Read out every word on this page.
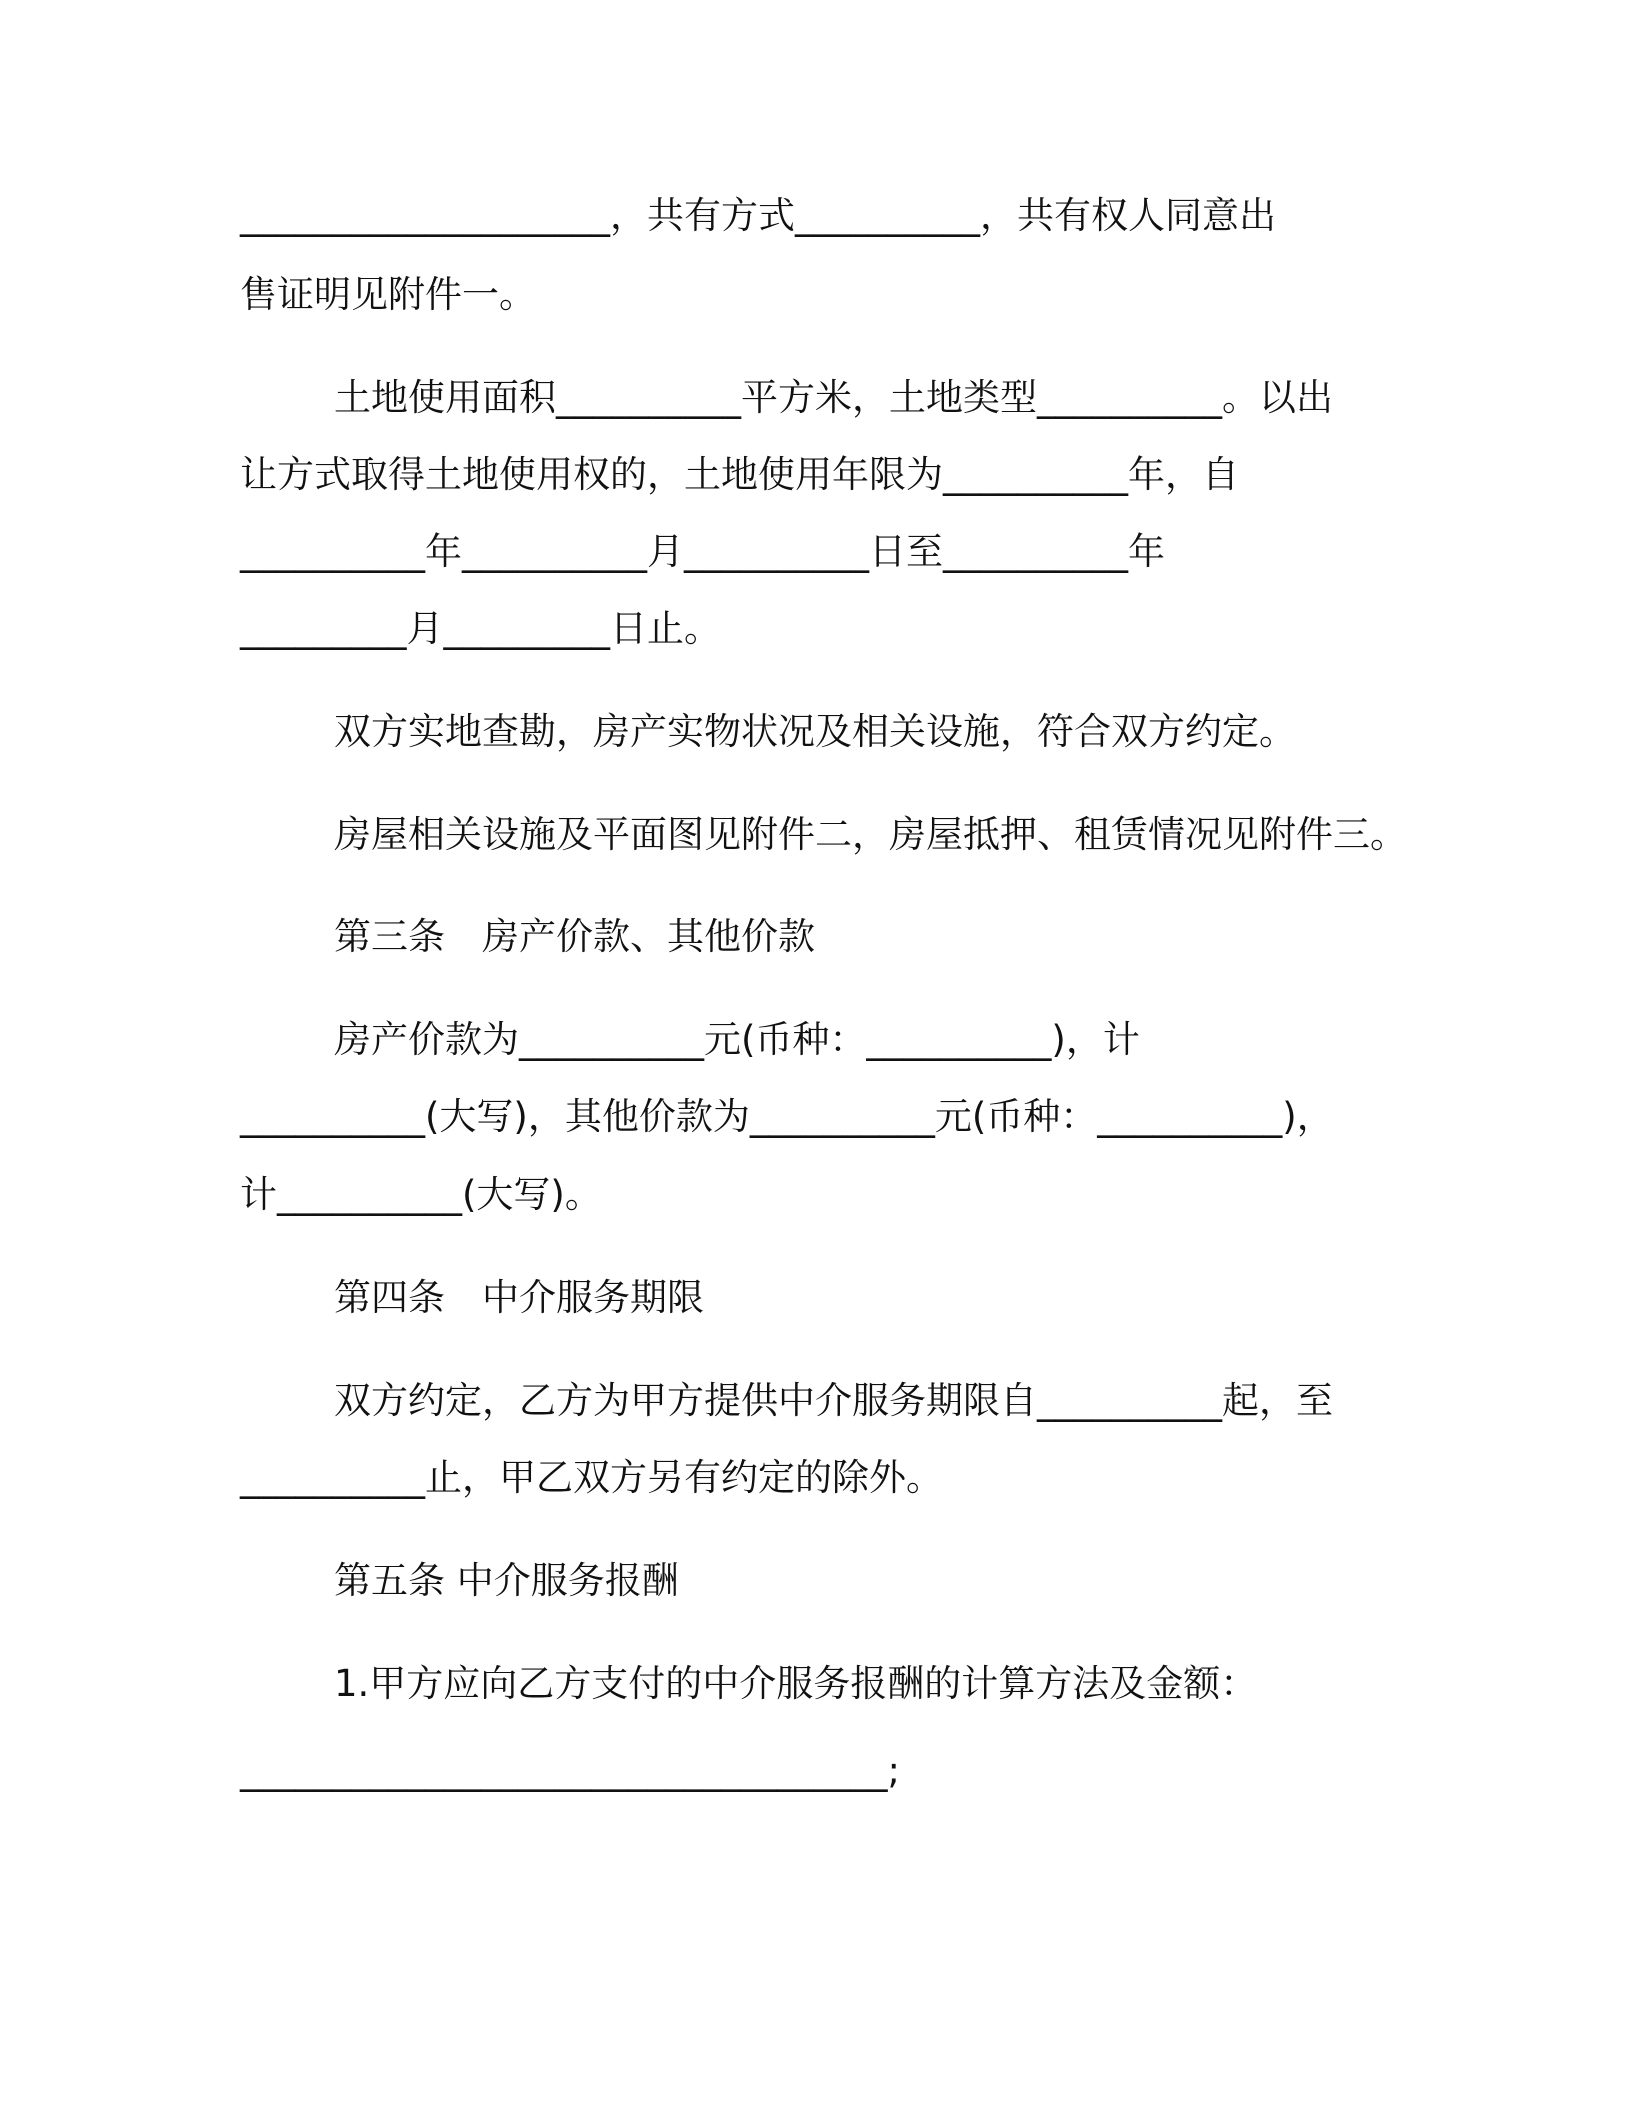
____________________，共有方式__________，共有权人同意出
售证明见附件一。
土地使用面积__________平方米，土地类型__________。以出
让方式取得土地使用权的，土地使用年限为__________年，自
__________年__________月__________日至__________年
_________月_________日止。
双方实地查勘，房产实物状况及相关设施，符合双方约定。
房屋相关设施及平面图见附件二，房屋抵押、租赁情况见附件三。
第三条　房产价款、其他价款
房产价款为__________元(币种：__________)，计
__________(大写)，其他价款为__________元(币种：__________)，
计__________(大写)。
第四条　中介服务期限
双方约定，乙方为甲方提供中介服务期限自__________起，至
__________止，甲乙双方另有约定的除外。
第五条 中介服务报酬
1.甲方应向乙方支付的中介服务报酬的计算方法及金额：
___________________________________;
